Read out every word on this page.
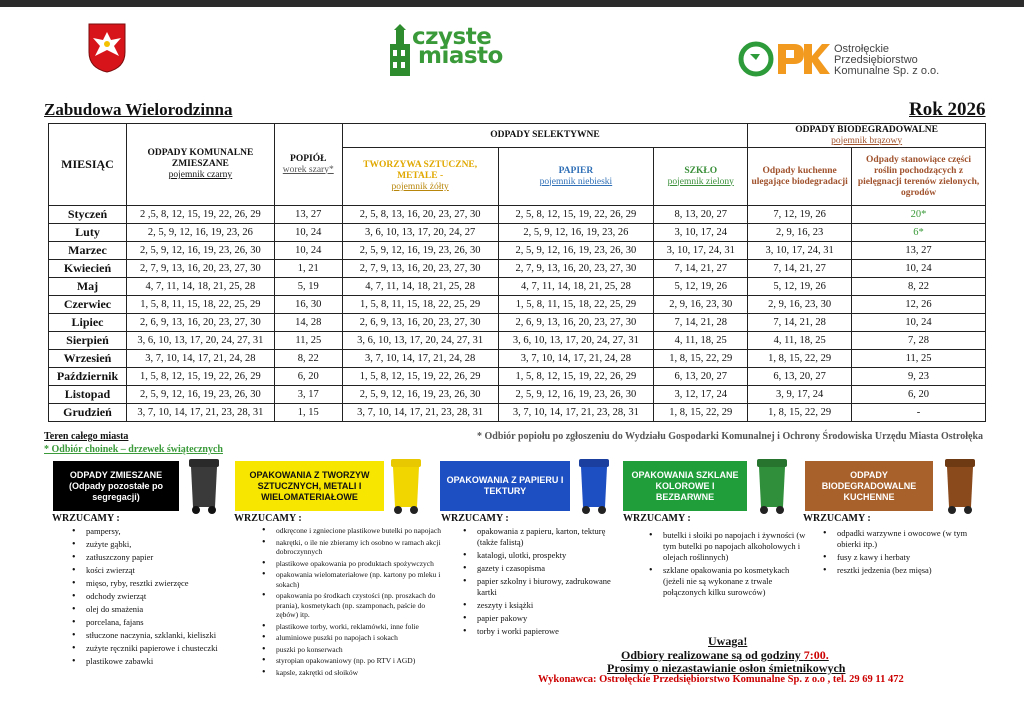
czyste
miasto	Ostrołęckie
Przedsiębiorstwo
Komunalne Sp. z o.o.
Zabudowa Wielorodzinna	Rok 2026
MIESIĄC	ODPADY KOMUNALNE ZMIESZANE
pojemnik czarny	POPIÓŁ
worek szary*	ODPADY SELEKTYWNE			ODPADY BIODEGRADOWALNE
pojemnik brązowy	

			TWORZYWA SZTUCZNE, METALE -
pojemnik żółty	PAPIER
pojemnik niebieski	SZKŁO
pojemnik zielony	Odpady kuchenne ulegające biodegradacji	Odpady stanowiące części roślin pochodzących z pielęgnacji terenów zielonych, ogrodów

Styczeń	2 ,5, 8, 12, 15, 19, 22, 26, 29	13, 27	2, 5, 8, 13, 16, 20, 23, 27, 30	2, 5, 8, 12, 15, 19, 22, 26, 29	8, 13, 20, 27	7, 12, 19, 26	20*
Luty	2, 5, 9, 12, 16, 19, 23, 26	10, 24	3, 6, 10, 13, 17, 20, 24, 27	2, 5, 9, 12, 16, 19, 23, 26	3, 10, 17, 24	2, 9, 16, 23	6*
Marzec	2, 5, 9, 12, 16, 19, 23, 26, 30	10, 24	2, 5, 9, 12, 16, 19, 23, 26, 30	2, 5, 9, 12, 16, 19, 23, 26, 30	3, 10, 17, 24, 31	3, 10, 17, 24, 31	13, 27
Kwiecień	2, 7, 9, 13, 16, 20, 23, 27, 30	1, 21	2, 7, 9, 13, 16, 20, 23, 27, 30	2, 7, 9, 13, 16, 20, 23, 27, 30	7, 14, 21, 27	7, 14, 21, 27	10, 24
Maj	4, 7, 11, 14, 18, 21, 25, 28	5, 19	4, 7, 11, 14, 18, 21, 25, 28	4, 7, 11, 14, 18, 21, 25, 28	5, 12, 19, 26	5, 12, 19, 26	8, 22
Czerwiec	1, 5, 8, 11, 15, 18, 22, 25, 29	16, 30	1, 5, 8, 11, 15, 18, 22, 25, 29	1, 5, 8, 11, 15, 18, 22, 25, 29	2, 9, 16, 23, 30	2, 9, 16, 23, 30	12, 26
Lipiec	2, 6, 9, 13, 16, 20, 23, 27, 30	14, 28	2, 6, 9, 13, 16, 20, 23, 27, 30	2, 6, 9, 13, 16, 20, 23, 27, 30	7, 14, 21, 28	7, 14, 21, 28	10, 24
Sierpień	3, 6, 10, 13, 17, 20, 24, 27, 31	11, 25	3, 6, 10, 13, 17, 20, 24, 27, 31	3, 6, 10, 13, 17, 20, 24, 27, 31	4, 11, 18, 25	4, 11, 18, 25	7, 28
Wrzesień	3, 7, 10, 14, 17, 21, 24, 28	8, 22	3, 7, 10, 14, 17, 21, 24, 28	3, 7, 10, 14, 17, 21, 24, 28	1, 8, 15, 22, 29	1, 8, 15, 22, 29	11, 25
Październik	1, 5, 8, 12, 15, 19, 22, 26, 29	6, 20	1, 5, 8, 12, 15, 19, 22, 26, 29	1, 5, 8, 12, 15, 19, 22, 26, 29	6, 13, 20, 27	6, 13, 20, 27	9, 23
Listopad	2, 5, 9, 12, 16, 19, 23, 26, 30	3, 17	2, 5, 9, 12, 16, 19, 23, 26, 30	2, 5, 9, 12, 16, 19, 23, 26, 30	3, 12, 17, 24	3, 9, 17, 24	6, 20
Grudzień	3, 7, 10, 14, 17, 21, 23, 28, 31	1, 15	3, 7, 10, 14, 17, 21, 23, 28, 31	3, 7, 10, 14, 17, 21, 23, 28, 31	1, 8, 15, 22, 29	1, 8, 15, 22, 29	-
Teren całego miasta
* Odbiór choinek – drzewek świątecznych
* Odbiór popiołu po zgłoszeniu do Wydziału Gospodarki Komunalnej i Ochrony Środowiska Urzędu Miasta Ostrołęka
ODPADY ZMIESZANE (Odpady pozostałe po segregacji)
OPAKOWANIA Z TWORZYW SZTUCZNYCH, METALI I WIELOMATERIAŁOWE
OPAKOWANIA Z PAPIERU I TEKTURY
OPAKOWANIA SZKLANE KOLOROWE I BEZBARWNE
ODPADY BIODEGRADOWALNE KUCHENNE
WRZUCAMY :	WRZUCAMY :	WRZUCAMY :	WRZUCAMY :	WRZUCAMY :
• pampersy,
• zużyte gąbki,
• zatłuszczony papier
• kości zwierząt
• mięso, ryby, resztki zwierzęce
• odchody zwierząt
• olej do smażenia
• porcelana, fajans
• stłuczone naczynia, szklanki, kieliszki
• zużyte ręczniki papierowe i chusteczki
• plastikowe zabawki
• odkręcone i zgniecione plastikowe butelki po napojach
• nakrętki, o ile nie zbieramy ich osobno w ramach akcji dobroczynnych
• plastikowe opakowania po produktach spożywczych
• opakowania wielomateriałowe (np. kartony po mleku i sokach)
• opakowania po środkach czystości (np. proszkach do prania), kosmetykach (np. szamponach, paście do zębów) itp.
• plastikowe torby, worki, reklamówki, inne folie
• aluminiowe puszki po napojach i sokach
• puszki po konserwach
• styropian opakowaniowy (np. po RTV i AGD)
• kapsle, zakrętki od słoików
• opakowania z papieru, karton, tekturę (także falistą)
• katalogi, ulotki, prospekty
• gazety i czasopisma
• papier szkolny i biurowy, zadrukowane kartki
• zeszyty i książki
• papier pakowy
• torby i worki papierowe
• butelki i słoiki po napojach i żywności (w tym butelki po napojach alkoholowych i olejach roślinnych)
• szklane opakowania po kosmetykach (jeżeli nie są wykonane z trwale połączonych kilku surowców)
• odpadki warzywne i owocowe (w tym obierki itp.)
• fusy z kawy i herbaty
• resztki jedzenia (bez mięsa)
Uwaga!
Odbiory realizowane są od godziny 7:00.
Prosimy o niezastawianie osłon śmietnikowych
Wykonawca: Ostrołęckie Przedsiębiorstwo Komunalne Sp. z o.o , tel. 29 69 11 472
